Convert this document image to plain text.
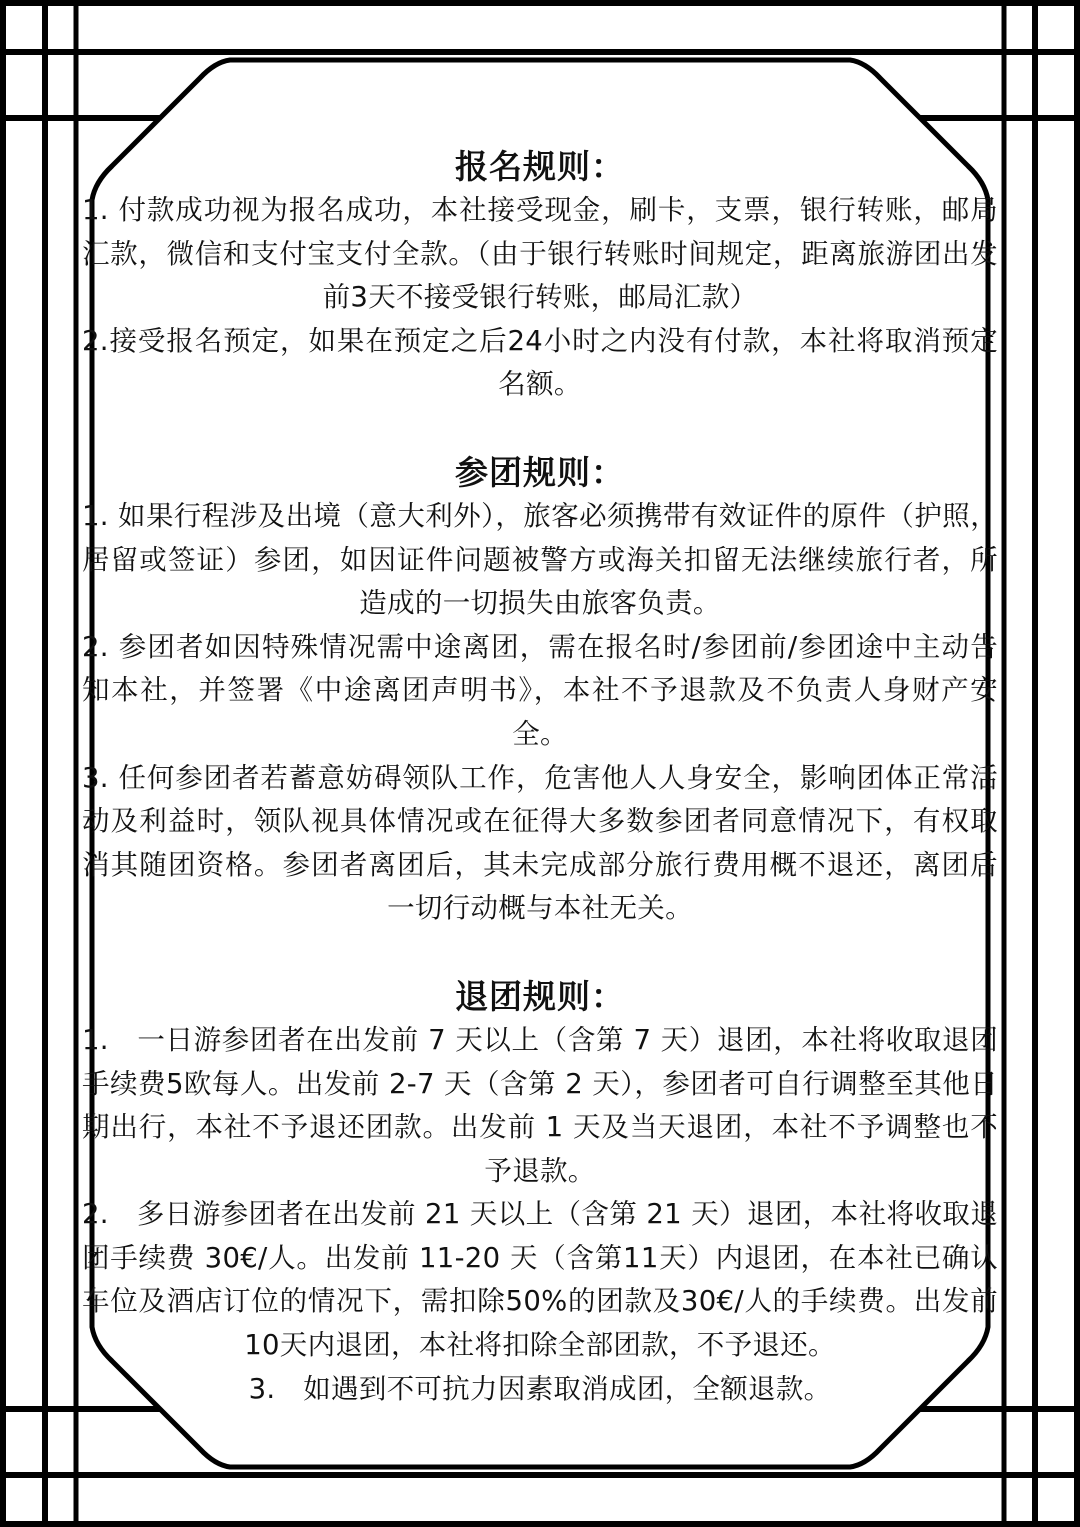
报名规则：

1. 付款成功视为报名成功，本社接受现金，刷卡，支票，银行转账，邮局汇款，微信和支付宝支付全款。（由于银行转账时间规定，距离旅游团出发前3天不接受银行转账，邮局汇款）

2.接受报名预定，如果在预定之后24小时之内没有付款，本社将取消预定名额。

参团规则：

1. 如果行程涉及出境（意大利外），旅客必须携带有效证件的原件（护照，居留或签证）参团，如因证件问题被警方或海关扣留无法继续旅行者，所造成的一切损失由旅客负责。

2. 参团者如因特殊情况需中途离团，需在报名时/参团前/参团途中主动告知本社，并签署《中途离团声明书》，本社不予退款及不负责人身财产安全。

3. 任何参团者若蓄意妨碍领队工作，危害他人人身安全，影响团体正常活动及利益时，领队视具体情况或在征得大多数参团者同意情况下，有权取消其随团资格。参团者离团后，其未完成部分旅行费用概不退还，离团后一切行动概与本社无关。

退团规则：

1.　一日游参团者在出发前 7 天以上（含第 7 天）退团，本社将收取退团手续费5欧每人。出发前 2-7 天（含第 2 天），参团者可自行调整至其他日期出行，本社不予退还团款。出发前 1 天及当天退团，本社不予调整也不予退款。

2.　多日游参团者在出发前 21 天以上（含第 21 天）退团，本社将收取退团手续费 30€/人。出发前 11-20 天（含第11天）内退团，在本社已确认车位及酒店订位的情况下，需扣除50%的团款及30€/人的手续费。出发前10天内退团，本社将扣除全部团款，不予退还。

3.　如遇到不可抗力因素取消成团，全额退款。
